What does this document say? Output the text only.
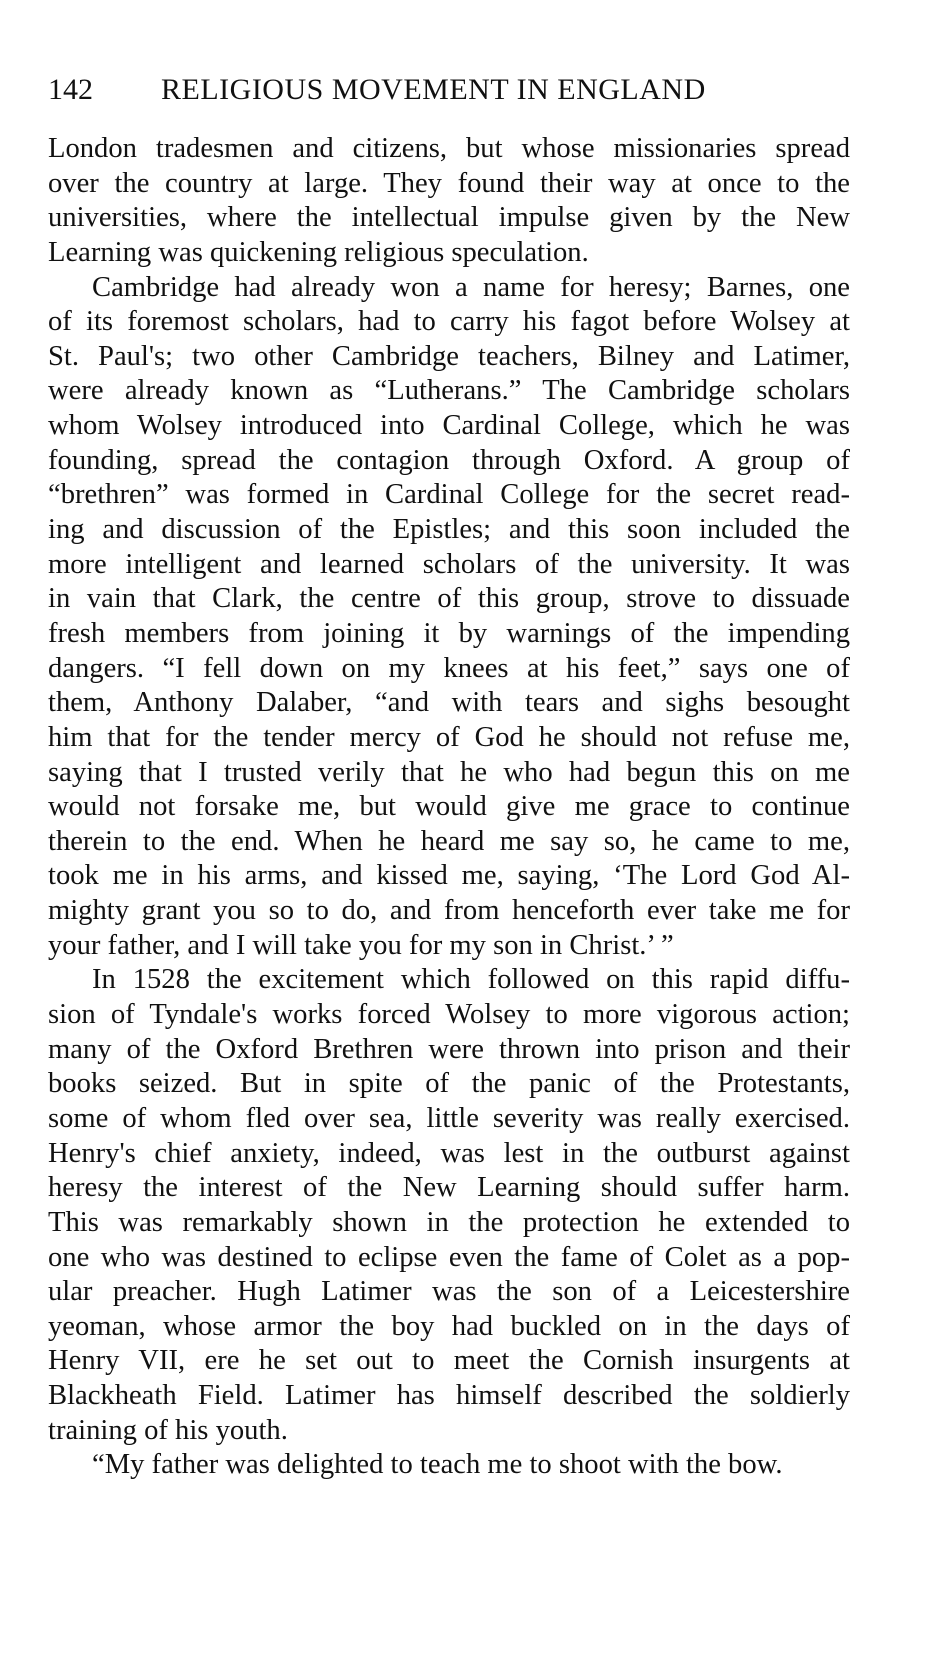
142 RELIGIOUS MOVEMENT IN ENGLAND
London tradesmen and citizens, but whose missionaries spread
over the country at large. They found their way at once to the
universities, where the intellectual impulse given by the New
Learning was quickening religious speculation.
Cambridge had already won a name for heresy; Barnes, one
of its foremost scholars, had to carry his fagot before Wolsey at
St. Paul's; two other Cambridge teachers, Bilney and Latimer,
were already known as “Lutherans.” The Cambridge scholars
whom Wolsey introduced into Cardinal College, which he was
founding, spread the contagion through Oxford. A group of
“brethren” was formed in Cardinal College for the secret read-
ing and discussion of the Epistles; and this soon included the
more intelligent and learned scholars of the university. It was
in vain that Clark, the centre of this group, strove to dissuade
fresh members from joining it by warnings of the impending
dangers. “I fell down on my knees at his feet,” says one of
them, Anthony Dalaber, “and with tears and sighs besought
him that for the tender mercy of God he should not refuse me,
saying that I trusted verily that he who had begun this on me
would not forsake me, but would give me grace to continue
therein to the end. When he heard me say so, he came to me,
took me in his arms, and kissed me, saying, ‘The Lord God Al-
mighty grant you so to do, and from henceforth ever take me for
your father, and I will take you for my son in Christ.’ ”
In 1528 the excitement which followed on this rapid diffu-
sion of Tyndale's works forced Wolsey to more vigorous action;
many of the Oxford Brethren were thrown into prison and their
books seized. But in spite of the panic of the Protestants,
some of whom fled over sea, little severity was really exercised.
Henry's chief anxiety, indeed, was lest in the outburst against
heresy the interest of the New Learning should suffer harm.
This was remarkably shown in the protection he extended to
one who was destined to eclipse even the fame of Colet as a pop-
ular preacher. Hugh Latimer was the son of a Leicestershire
yeoman, whose armor the boy had buckled on in the days of
Henry VII, ere he set out to meet the Cornish insurgents at
Blackheath Field. Latimer has himself described the soldierly
training of his youth.
“My father was delighted to teach me to shoot with the bow.
